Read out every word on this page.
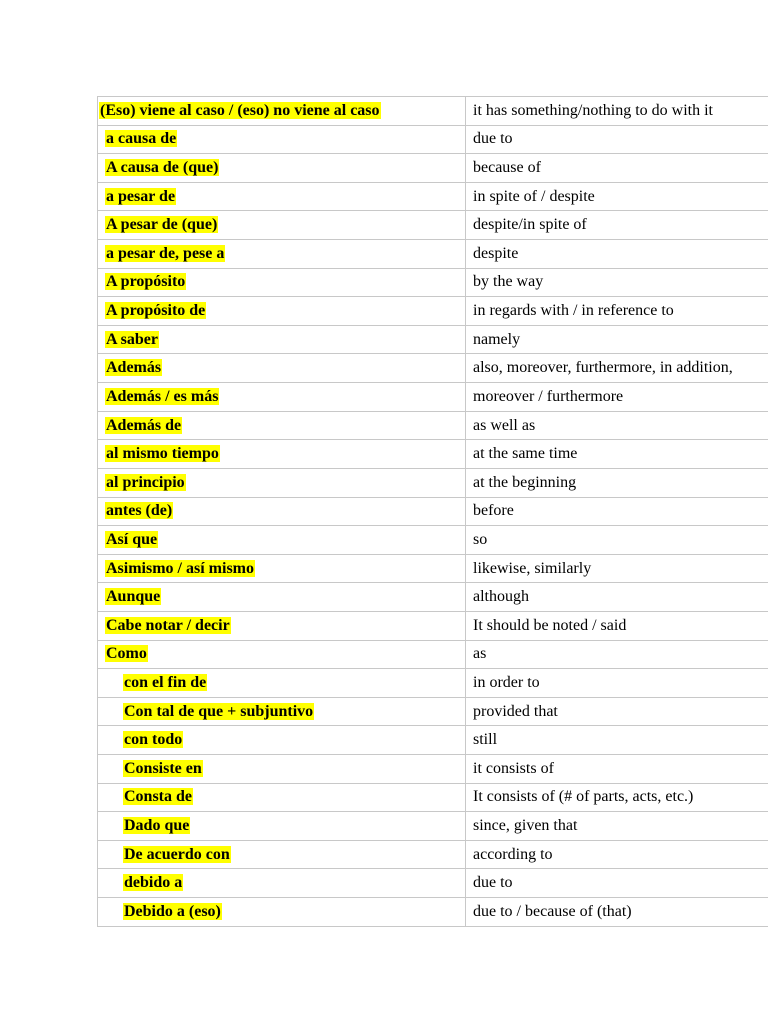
(Eso) viene al caso / (eso) no viene al caso	it has something/nothing to do with it
a causa de	due to
A causa de (que)	because of
a pesar de	in spite of / despite
A pesar de (que)	despite/in spite of
a pesar de, pese a	despite
A propósito	by the way
A propósito de	in regards with / in reference to
A saber	namely
Además	also, moreover, furthermore, in addition,
Además / es más	moreover / furthermore
Además de	as well as
al mismo tiempo	at the same time
al principio	at the beginning
antes (de)	before
Así que	so
Asimismo / así mismo	likewise, similarly
Aunque	although
Cabe notar / decir	It should be noted / said
Como	as
con el fin de	in order to
Con tal de que + subjuntivo	provided that
con todo	still
Consiste en	it consists of
Consta de	It consists of (# of parts, acts, etc.)
Dado que	since, given that
De acuerdo con	according to
debido a	due to
Debido a (eso)	due to / because of (that)
